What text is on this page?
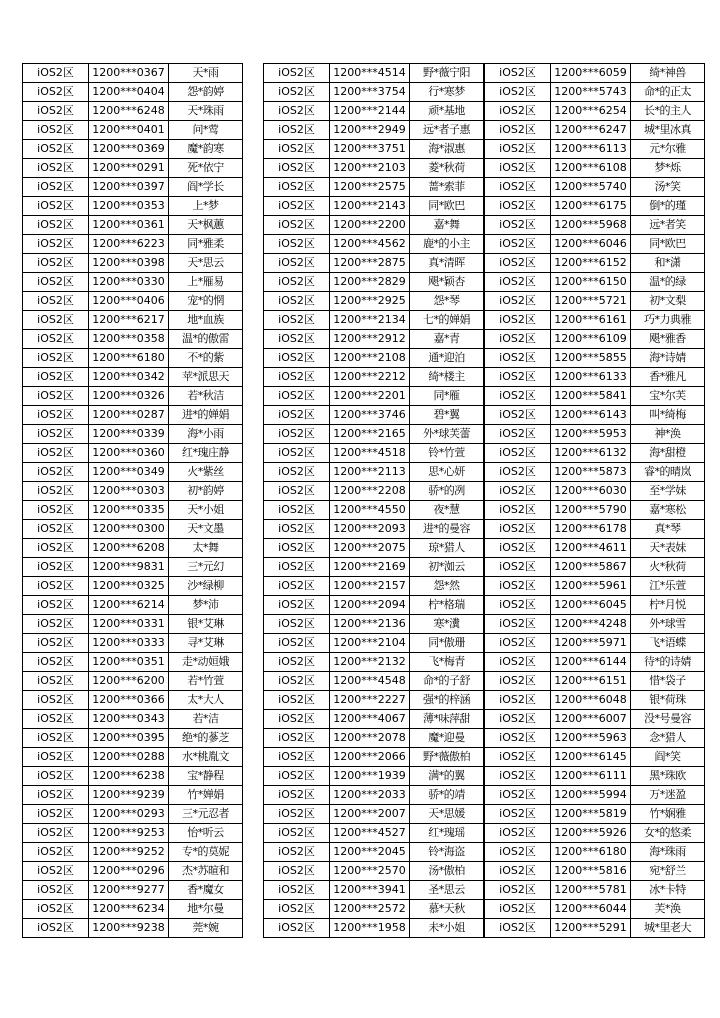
iOS2区	1200***0367	天*雨
iOS2区	1200***0404	怨*韵婷
iOS2区	1200***6248	天*珠雨
iOS2区	1200***0401	问*莺
iOS2区	1200***0369	魔*韵寒
iOS2区	1200***0291	死*依宁
iOS2区	1200***0397	阎*学长
iOS2区	1200***0353	上*梦
iOS2区	1200***0361	天*枫蕙
iOS2区	1200***6223	同*雅柔
iOS2区	1200***0398	天*思云
iOS2区	1200***0330	上*雁易
iOS2区	1200***0406	宠*的惘
iOS2区	1200***6217	地*血族
iOS2区	1200***0358	温*的傲雷
iOS2区	1200***6180	不*的紫
iOS2区	1200***0342	苹*派思天
iOS2区	1200***0326	若*秋洁
iOS2区	1200***0287	进*的婵娟
iOS2区	1200***0339	海*小雨
iOS2区	1200***0360	红*瑰庄静
iOS2区	1200***0349	火*紫丝
iOS2区	1200***0303	初*韵婷
iOS2区	1200***0335	天*小姐
iOS2区	1200***0300	天*文墨
iOS2区	1200***6208	太*舞
iOS2区	1200***9831	三*元幻
iOS2区	1200***0325	沙*绿柳
iOS2区	1200***6214	梦*沛
iOS2区	1200***0331	银*艾琳
iOS2区	1200***0333	寻*艾琳
iOS2区	1200***0351	走*动姮娥
iOS2区	1200***6200	若*竹萱
iOS2区	1200***0366	太*大人
iOS2区	1200***0343	若*洁
iOS2区	1200***0395	绝*的蔘芝
iOS2区	1200***0288	水*桃胤文
iOS2区	1200***6238	宝*静程
iOS2区	1200***9239	竹*婵娟
iOS2区	1200***0293	三*元忍者
iOS2区	1200***9253	怡*听云
iOS2区	1200***9252	专*的莫妮
iOS2区	1200***0296	杰*苏暄和
iOS2区	1200***9277	香*魔女
iOS2区	1200***6234	地*尔曼
iOS2区	1200***9238	莞*婉
iOS2区	1200***4514	野*薇宁阳
iOS2区	1200***3754	行*寒梦
iOS2区	1200***2144	顽*基地
iOS2区	1200***2949	远*者子惠
iOS2区	1200***3751	海*淑惠
iOS2区	1200***2103	菱*秋荷
iOS2区	1200***2575	蔷*索菲
iOS2区	1200***2143	同*欧巴
iOS2区	1200***2200	嘉*舞
iOS2区	1200***4562	鹿*的小主
iOS2区	1200***2875	真*清晖
iOS2区	1200***2829	飓*颖杏
iOS2区	1200***2925	怨*琴
iOS2区	1200***2134	七*的婵娟
iOS2区	1200***2912	嘉*青
iOS2区	1200***2108	通*迎泊
iOS2区	1200***2212	绮*楼主
iOS2区	1200***2201	同*雁
iOS2区	1200***3746	碧*翼
iOS2区	1200***2165	外*球芙蕾
iOS2区	1200***4518	铃*竹萱
iOS2区	1200***2113	思*心妍
iOS2区	1200***2208	骄*的冽
iOS2区	1200***4550	夜*慧
iOS2区	1200***2093	进*的曼容
iOS2区	1200***2075	琼*猎人
iOS2区	1200***2169	初*洳云
iOS2区	1200***2157	怨*然
iOS2区	1200***2094	柠*格瑞
iOS2区	1200***2136	寒*瀵
iOS2区	1200***2104	同*傲珊
iOS2区	1200***2132	飞*梅青
iOS2区	1200***4548	命*的子舒
iOS2区	1200***2227	强*的梓涵
iOS2区	1200***4067	薄*味萍甜
iOS2区	1200***2078	魔*迎曼
iOS2区	1200***2066	野*薇傲柏
iOS2区	1200***1939	满*的翼
iOS2区	1200***2033	骄*的靖
iOS2区	1200***2007	天*思媛
iOS2区	1200***4527	红*瑰瑶
iOS2区	1200***2045	铃*海盗
iOS2区	1200***2570	汤*傲柏
iOS2区	1200***3941	圣*思云
iOS2区	1200***2572	慕*天秋
iOS2区	1200***1958	未*小姐
iOS2区	1200***6059	绮*神兽
iOS2区	1200***5743	命*的正太
iOS2区	1200***6254	长*的主人
iOS2区	1200***6247	城*里冰真
iOS2区	1200***6113	元*尔雅
iOS2区	1200***6108	梦*烁
iOS2区	1200***5740	汤*笑
iOS2区	1200***6175	倒*的瑾
iOS2区	1200***5968	远*者笑
iOS2区	1200***6046	同*欧巴
iOS2区	1200***6152	和*潇
iOS2区	1200***6150	温*的绿
iOS2区	1200***5721	初*文梨
iOS2区	1200***6161	巧*力典雅
iOS2区	1200***6109	飓*雅香
iOS2区	1200***5855	海*诗婧
iOS2区	1200***6133	香*雅凡
iOS2区	1200***5841	宝*尔芙
iOS2区	1200***6143	叫*绮梅
iOS2区	1200***5953	神*涣
iOS2区	1200***6132	海*甜橙
iOS2区	1200***5873	睿*的晴岚
iOS2区	1200***6030	至*学妹
iOS2区	1200***5790	嘉*寒松
iOS2区	1200***6178	真*琴
iOS2区	1200***4611	天*表妹
iOS2区	1200***5867	火*秋荷
iOS2区	1200***5961	江*乐萱
iOS2区	1200***6045	柠*月悦
iOS2区	1200***4248	外*球雪
iOS2区	1200***5971	飞*语蝶
iOS2区	1200***6144	待*的诗婧
iOS2区	1200***6151	惜*袋子
iOS2区	1200***6048	银*荷珠
iOS2区	1200***6007	没*号曼容
iOS2区	1200***5963	念*猎人
iOS2区	1200***6145	阎*笑
iOS2区	1200***6111	黑*珠欧
iOS2区	1200***5994	万*迷盈
iOS2区	1200***5819	竹*娴雅
iOS2区	1200***5926	女*的悠柔
iOS2区	1200***6180	海*珠雨
iOS2区	1200***5816	宛*舒兰
iOS2区	1200***5781	冰*卡特
iOS2区	1200***6044	芙*涣
iOS2区	1200***5291	城*里老大
